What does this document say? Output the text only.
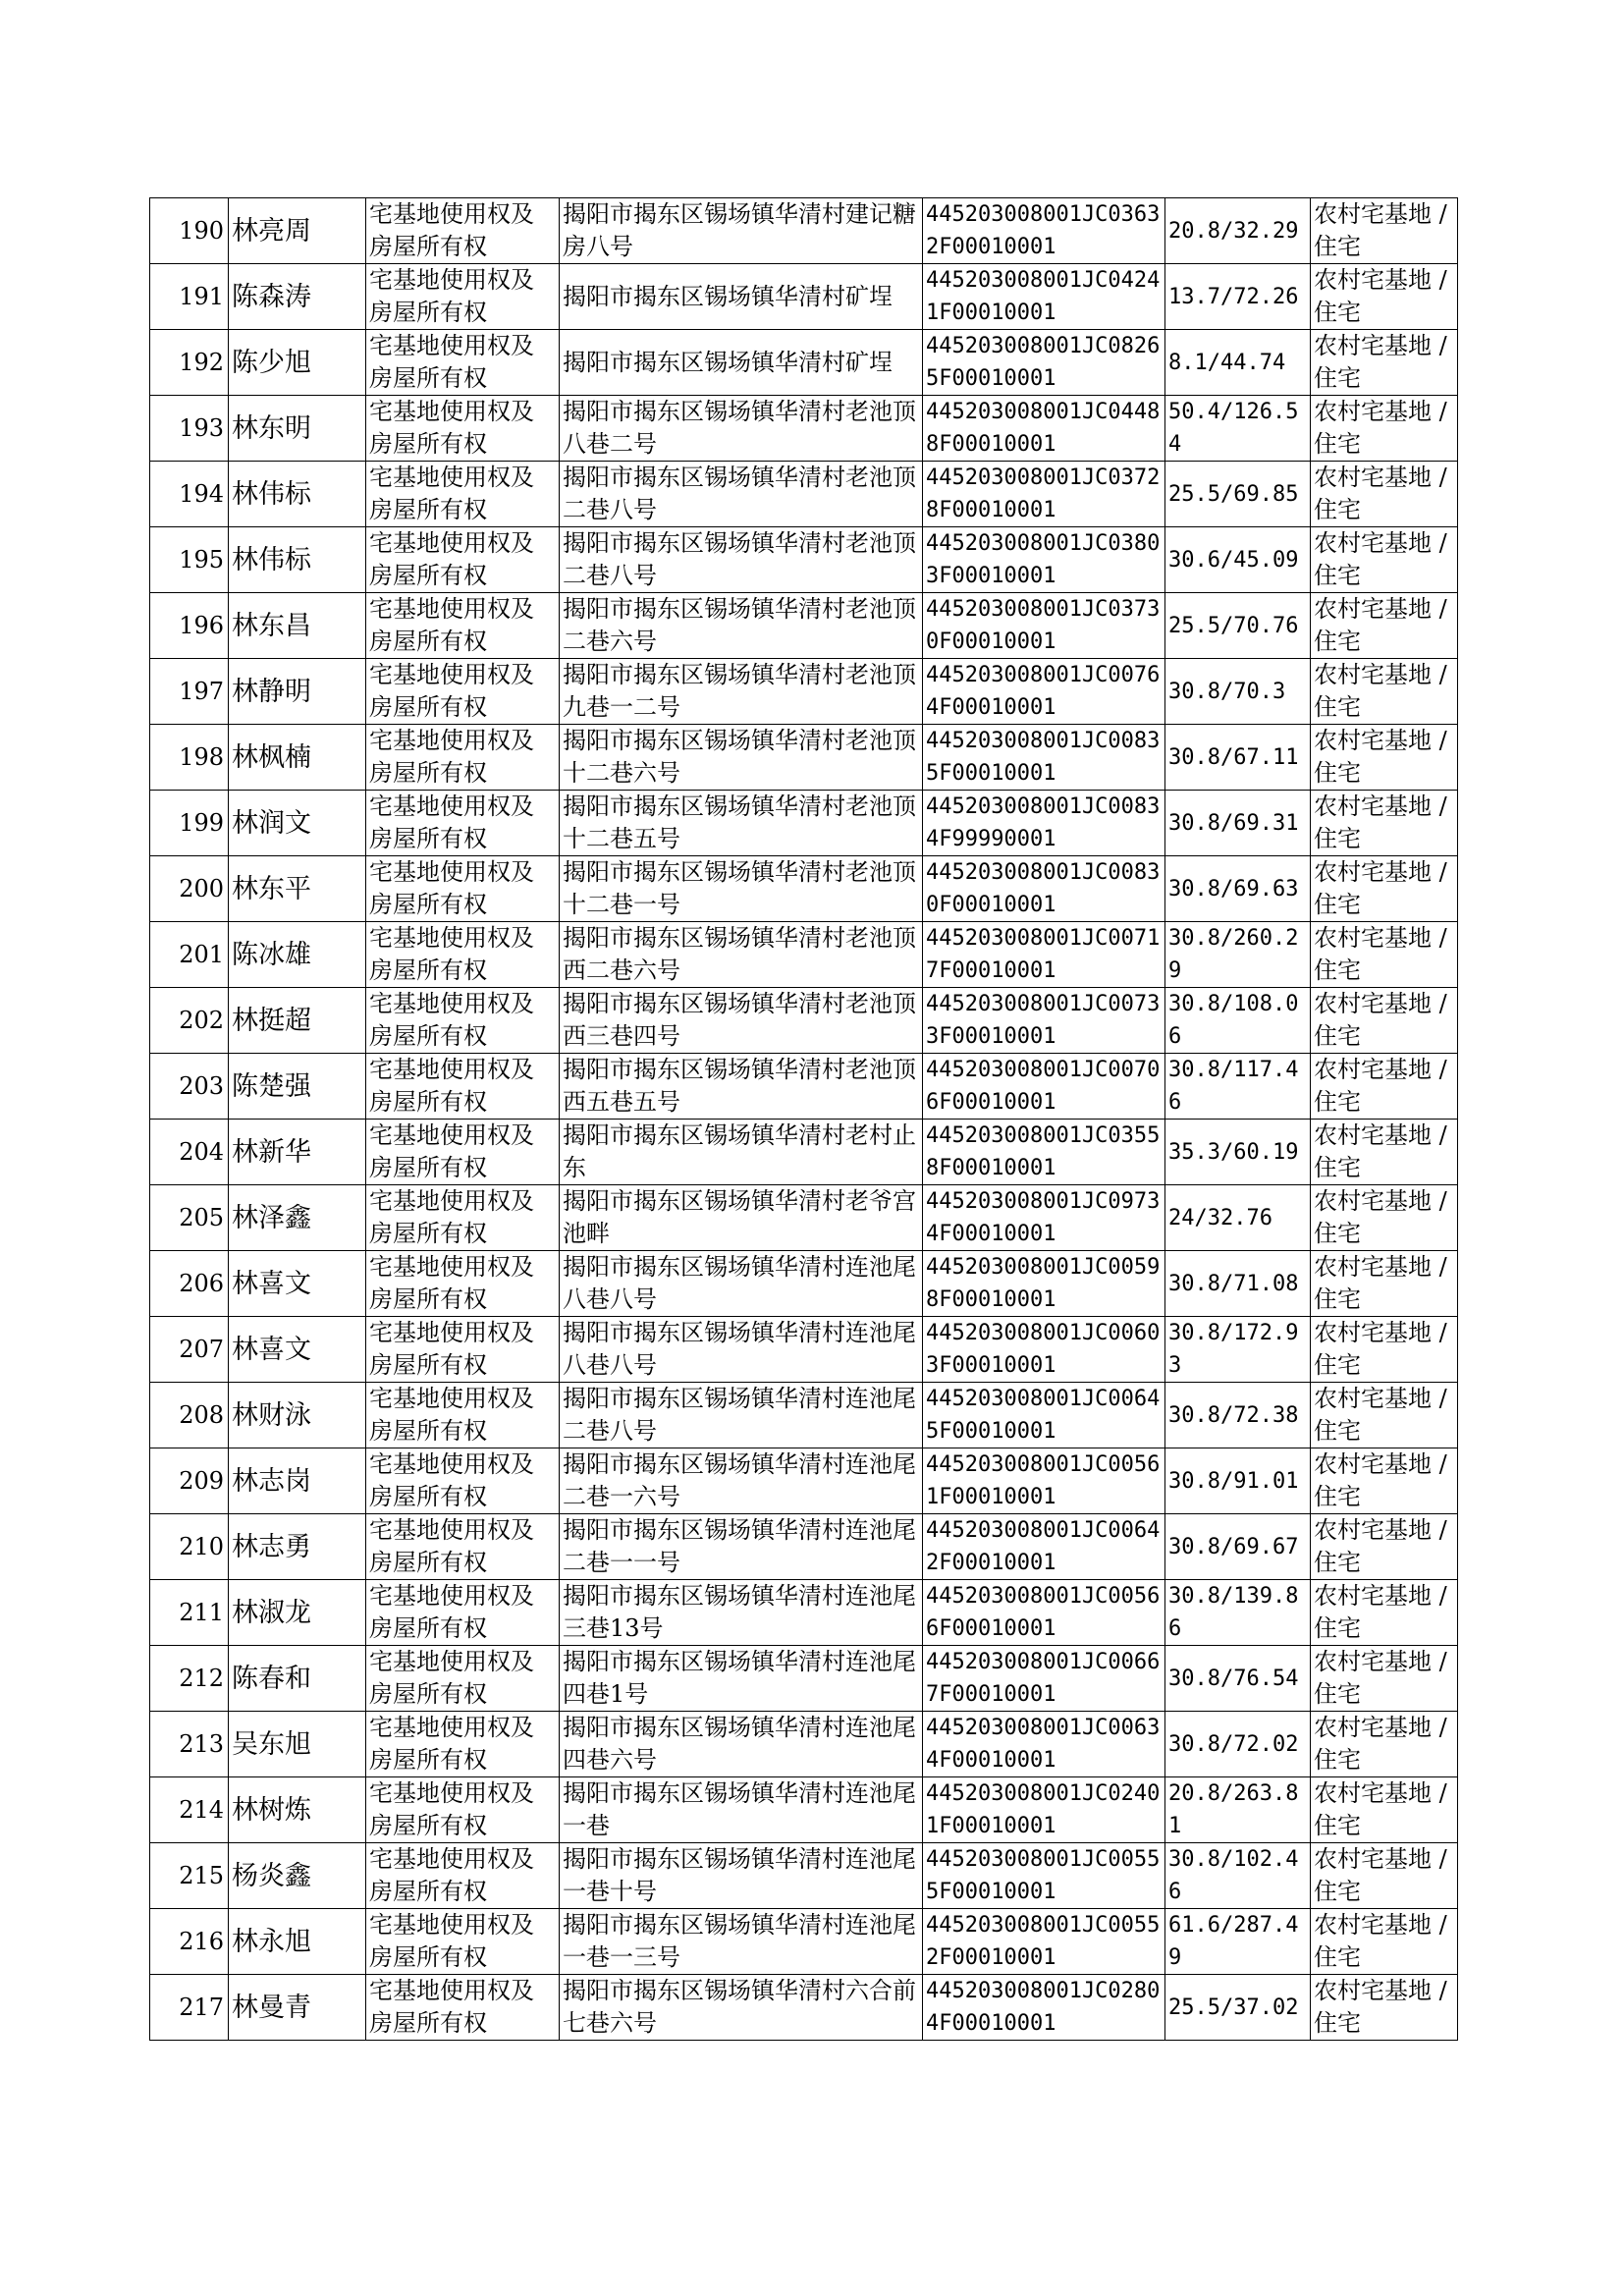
190	林亮周	宅基地使用权及房屋所有权	揭阳市揭东区锡场镇华清村建记糖房八号	445203008001JC03632F00010001	20.8/32.29	农村宅基地 / 住宅
191	陈森涛	宅基地使用权及房屋所有权	揭阳市揭东区锡场镇华清村矿埕	445203008001JC04241F00010001	13.7/72.26	农村宅基地 / 住宅
192	陈少旭	宅基地使用权及房屋所有权	揭阳市揭东区锡场镇华清村矿埕	445203008001JC08265F00010001	8.1/44.74	农村宅基地 / 住宅
193	林东明	宅基地使用权及房屋所有权	揭阳市揭东区锡场镇华清村老池顶八巷二号	445203008001JC04488F00010001	50.4/126.54	农村宅基地 / 住宅
194	林伟标	宅基地使用权及房屋所有权	揭阳市揭东区锡场镇华清村老池顶二巷八号	445203008001JC03728F00010001	25.5/69.85	农村宅基地 / 住宅
195	林伟标	宅基地使用权及房屋所有权	揭阳市揭东区锡场镇华清村老池顶二巷八号	445203008001JC03803F00010001	30.6/45.09	农村宅基地 / 住宅
196	林东昌	宅基地使用权及房屋所有权	揭阳市揭东区锡场镇华清村老池顶二巷六号	445203008001JC03730F00010001	25.5/70.76	农村宅基地 / 住宅
197	林静明	宅基地使用权及房屋所有权	揭阳市揭东区锡场镇华清村老池顶九巷一二号	445203008001JC00764F00010001	30.8/70.3	农村宅基地 / 住宅
198	林枫楠	宅基地使用权及房屋所有权	揭阳市揭东区锡场镇华清村老池顶十二巷六号	445203008001JC00835F00010001	30.8/67.11	农村宅基地 / 住宅
199	林润文	宅基地使用权及房屋所有权	揭阳市揭东区锡场镇华清村老池顶十二巷五号	445203008001JC00834F99990001	30.8/69.31	农村宅基地 / 住宅
200	林东平	宅基地使用权及房屋所有权	揭阳市揭东区锡场镇华清村老池顶十二巷一号	445203008001JC00830F00010001	30.8/69.63	农村宅基地 / 住宅
201	陈冰雄	宅基地使用权及房屋所有权	揭阳市揭东区锡场镇华清村老池顶西二巷六号	445203008001JC00717F00010001	30.8/260.29	农村宅基地 / 住宅
202	林挺超	宅基地使用权及房屋所有权	揭阳市揭东区锡场镇华清村老池顶西三巷四号	445203008001JC00733F00010001	30.8/108.06	农村宅基地 / 住宅
203	陈楚强	宅基地使用权及房屋所有权	揭阳市揭东区锡场镇华清村老池顶西五巷五号	445203008001JC00706F00010001	30.8/117.46	农村宅基地 / 住宅
204	林新华	宅基地使用权及房屋所有权	揭阳市揭东区锡场镇华清村老村止东	445203008001JC03558F00010001	35.3/60.19	农村宅基地 / 住宅
205	林泽鑫	宅基地使用权及房屋所有权	揭阳市揭东区锡场镇华清村老爷宫池畔	445203008001JC09734F00010001	24/32.76	农村宅基地 / 住宅
206	林喜文	宅基地使用权及房屋所有权	揭阳市揭东区锡场镇华清村连池尾八巷八号	445203008001JC00598F00010001	30.8/71.08	农村宅基地 / 住宅
207	林喜文	宅基地使用权及房屋所有权	揭阳市揭东区锡场镇华清村连池尾八巷八号	445203008001JC00603F00010001	30.8/172.93	农村宅基地 / 住宅
208	林财泳	宅基地使用权及房屋所有权	揭阳市揭东区锡场镇华清村连池尾二巷八号	445203008001JC00645F00010001	30.8/72.38	农村宅基地 / 住宅
209	林志岗	宅基地使用权及房屋所有权	揭阳市揭东区锡场镇华清村连池尾二巷一六号	445203008001JC00561F00010001	30.8/91.01	农村宅基地 / 住宅
210	林志勇	宅基地使用权及房屋所有权	揭阳市揭东区锡场镇华清村连池尾二巷一一号	445203008001JC00642F00010001	30.8/69.67	农村宅基地 / 住宅
211	林淑龙	宅基地使用权及房屋所有权	揭阳市揭东区锡场镇华清村连池尾三巷13号	445203008001JC00566F00010001	30.8/139.86	农村宅基地 / 住宅
212	陈春和	宅基地使用权及房屋所有权	揭阳市揭东区锡场镇华清村连池尾四巷1号	445203008001JC00667F00010001	30.8/76.54	农村宅基地 / 住宅
213	吴东旭	宅基地使用权及房屋所有权	揭阳市揭东区锡场镇华清村连池尾四巷六号	445203008001JC00634F00010001	30.8/72.02	农村宅基地 / 住宅
214	林树炼	宅基地使用权及房屋所有权	揭阳市揭东区锡场镇华清村连池尾一巷	445203008001JC02401F00010001	20.8/263.81	农村宅基地 / 住宅
215	杨炎鑫	宅基地使用权及房屋所有权	揭阳市揭东区锡场镇华清村连池尾一巷十号	445203008001JC00555F00010001	30.8/102.46	农村宅基地 / 住宅
216	林永旭	宅基地使用权及房屋所有权	揭阳市揭东区锡场镇华清村连池尾一巷一三号	445203008001JC00552F00010001	61.6/287.49	农村宅基地 / 住宅
217	林曼青	宅基地使用权及房屋所有权	揭阳市揭东区锡场镇华清村六合前七巷六号	445203008001JC02804F00010001	25.5/37.02	农村宅基地 / 住宅
